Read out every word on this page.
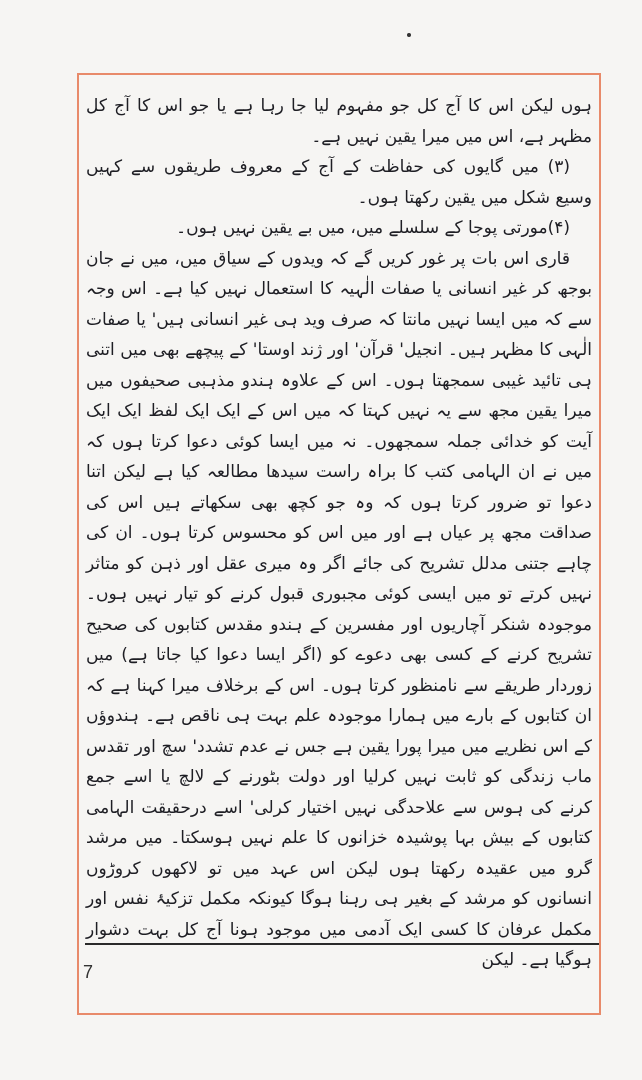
ہوں لیکن اس کا آج کل جو مفہوم لیا جا رہا ہے یا جو اس کا آج کل مظہر ہے، اس میں میرا یقین نہیں ہے۔

(۳) میں گایوں کی حفاظت کے آج کے معروف طریقوں سے کہیں وسیع شکل میں یقین رکھتا ہوں۔

(۴)مورتی پوجا کے سلسلے میں، میں بے یقین نہیں ہوں۔

قاری اس بات پر غور کریں گے کہ ویدوں کے سیاق میں، میں نے جان بوجھ کر غیر انسانی یا صفات الٰہیہ کا استعمال نہیں کیا ہے۔ اس وجہ سے کہ میں ایسا نہیں مانتا کہ صرف وید ہی غیر انسانی ہیں' یا صفات الٰہی کا مظہر ہیں۔ انجیل' قرآن' اور ژند اوستا' کے پیچھے بھی میں اتنی ہی تائید غیبی سمجھتا ہوں۔ اس کے علاوہ ہندو مذہبی صحیفوں میں میرا یقین مجھ سے یہ نہیں کہتا کہ میں اس کے ایک ایک لفظ ایک ایک آیت کو خدائی جملہ سمجھوں۔ نہ میں ایسا کوئی دعوا کرتا ہوں کہ میں نے ان الہامی کتب کا براہ راست سیدھا مطالعہ کیا ہے لیکن اتنا دعوا تو ضرور کرتا ہوں کہ وہ جو کچھ بھی سکھاتے ہیں اس کی صداقت مجھ پر عیاں ہے اور میں اس کو محسوس کرتا ہوں۔ ان کی چاہے جتنی مدلل تشریح کی جائے اگر وہ میری عقل اور ذہن کو متاثر نہیں کرتے تو میں ایسی کوئی مجبوری قبول کرنے کو تیار نہیں ہوں۔ موجودہ شنکر آچاریوں اور مفسرین کے ہندو مقدس کتابوں کی صحیح تشریح کرنے کے کسی بھی دعوے کو (اگر ایسا دعوا کیا جاتا ہے) میں زوردار طریقے سے نامنظور کرتا ہوں۔ اس کے برخلاف میرا کہنا ہے کہ ان کتابوں کے بارے میں ہمارا موجودہ علم بہت ہی ناقص ہے۔ ہندوؤں کے اس نظریے میں میرا پورا یقین ہے جس نے عدم تشدد' سچ اور تقدس ماب زندگی کو ثابت نہیں کرلیا اور دولت بٹورنے کے لالچ یا اسے جمع کرنے کی ہوس سے علاحدگی نہیں اختیار کرلی' اسے درحقیقت الہامی کتابوں کے بیش بہا پوشیدہ خزانوں کا علم نہیں ہوسکتا۔ میں مرشد گرو میں عقیدہ رکھتا ہوں لیکن اس عہد میں تو لاکھوں کروڑوں انسانوں کو مرشد کے بغیر ہی رہنا ہوگا کیونکہ مکمل تزکیۂ نفس اور مکمل عرفان کا کسی ایک آدمی میں موجود ہونا آج کل بہت دشوار ہوگیا ہے۔ لیکن

7
